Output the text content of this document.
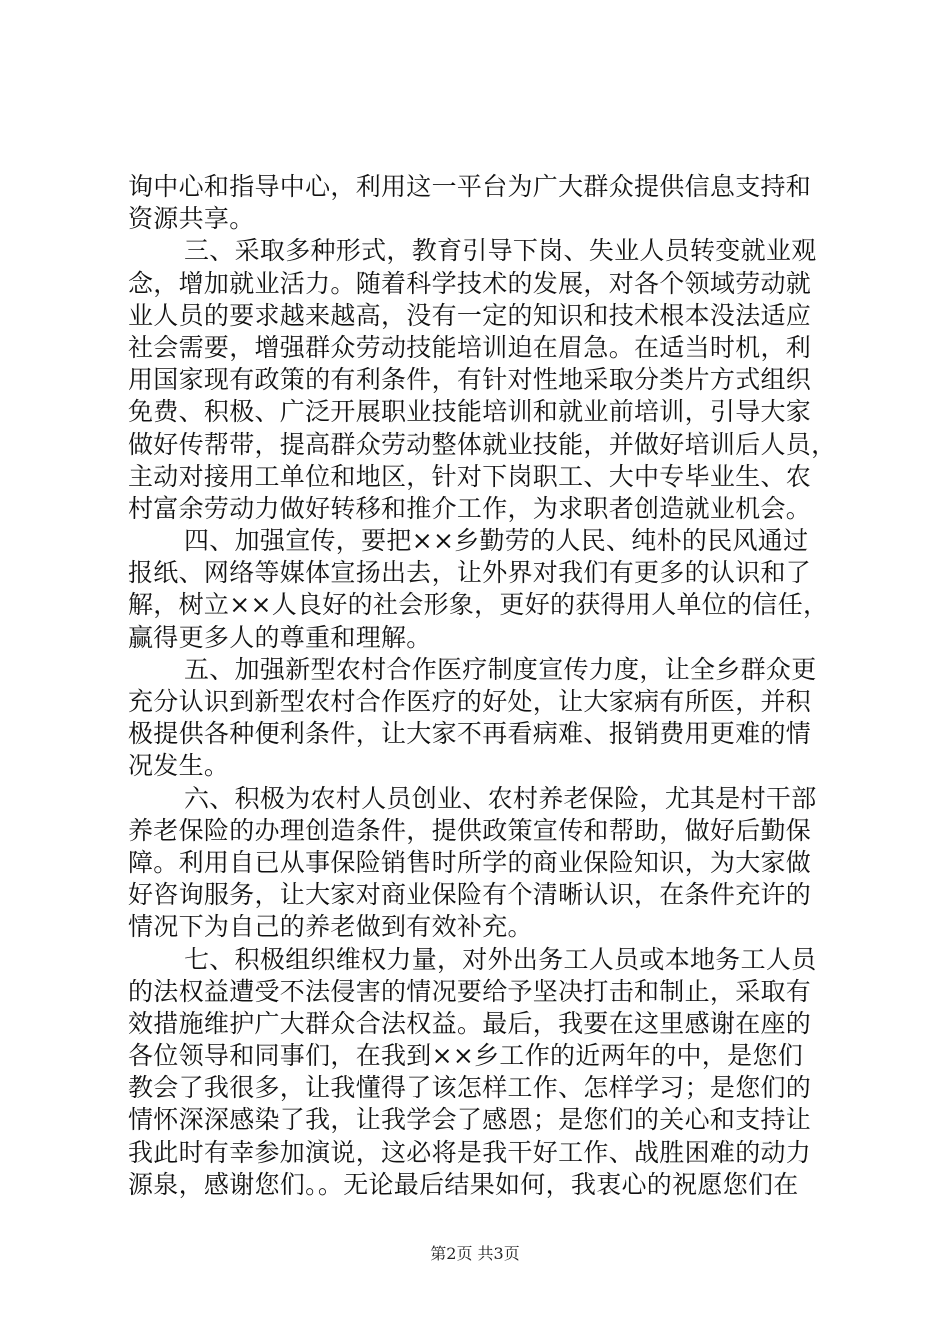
询中心和指导中心，利用这一平台为广大群众提供信息支持和
资源共享。
三、采取多种形式，教育引导下岗、失业人员转变就业观
念，增加就业活力。随着科学技术的发展，对各个领域劳动就
业人员的要求越来越高，没有一定的知识和技术根本没法适应
社会需要，增强群众劳动技能培训迫在眉急。在适当时机，利
用国家现有政策的有利条件，有针对性地采取分类片方式组织
免费、积极、广泛开展职业技能培训和就业前培训，引导大家
做好传帮带，提高群众劳动整体就业技能，并做好培训后人员，
主动对接用工单位和地区，针对下岗职工、大中专毕业生、农
村富余劳动力做好转移和推介工作，为求职者创造就业机会。
四、加强宣传，要把××乡勤劳的人民、纯朴的民风通过
报纸、网络等媒体宣扬出去，让外界对我们有更多的认识和了
解，树立××人良好的社会形象，更好的获得用人单位的信任，
赢得更多人的尊重和理解。
五、加强新型农村合作医疗制度宣传力度，让全乡群众更
充分认识到新型农村合作医疗的好处，让大家病有所医，并积
极提供各种便利条件，让大家不再看病难、报销费用更难的情
况发生。
六、积极为农村人员创业、农村养老保险，尤其是村干部
养老保险的办理创造条件，提供政策宣传和帮助，做好后勤保
障。利用自已从事保险销售时所学的商业保险知识，为大家做
好咨询服务，让大家对商业保险有个清晰认识，在条件充许的
情况下为自己的养老做到有效补充。
七、积极组织维权力量，对外出务工人员或本地务工人员
的法权益遭受不法侵害的情况要给予坚决打击和制止，采取有
效措施维护广大群众合法权益。最后，我要在这里感谢在座的
各位领导和同事们，在我到××乡工作的近两年的中，是您们
教会了我很多，让我懂得了该怎样工作、怎样学习；是您们的
情怀深深感染了我，让我学会了感恩；是您们的关心和支持让
我此时有幸参加演说，这必将是我干好工作、战胜困难的动力
源泉，感谢您们。。无论最后结果如何，我衷心的祝愿您们在
第2页 共3页
